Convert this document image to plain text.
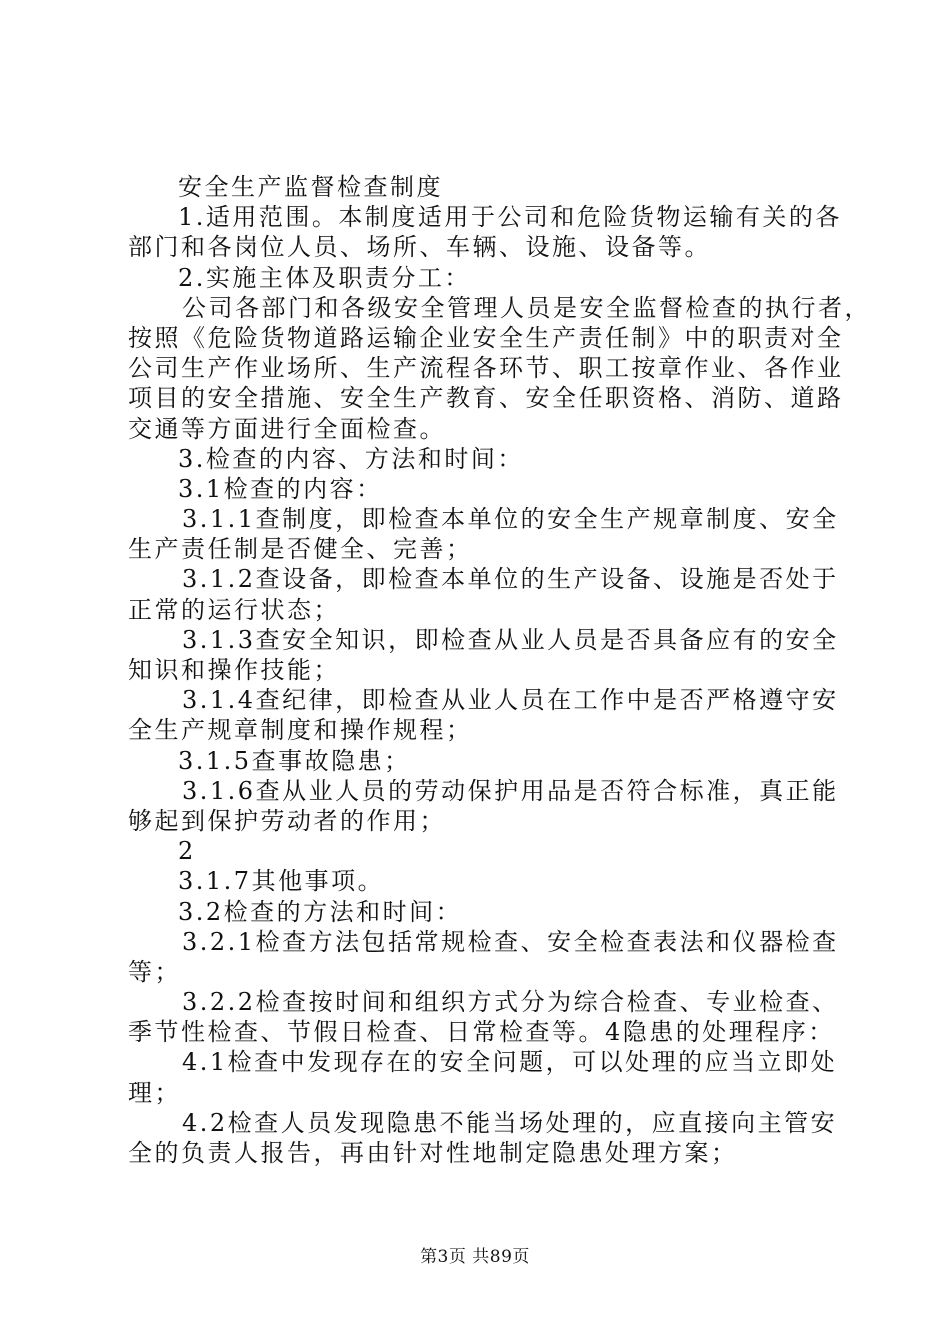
安全生产监督检查制度
1.适用范围。本制度适用于公司和危险货物运输有关的各
部门和各岗位人员、场所、车辆、设施、设备等。
2.实施主体及职责分工：
公司各部门和各级安全管理人员是安全监督检查的执行者，
按照《危险货物道路运输企业安全生产责任制》中的职责对全
公司生产作业场所、生产流程各环节、职工按章作业、各作业
项目的安全措施、安全生产教育、安全任职资格、消防、道路
交通等方面进行全面检查。
3.检查的内容、方法和时间：
3.1检查的内容：
3.1.1查制度，即检查本单位的安全生产规章制度、安全
生产责任制是否健全、完善；
3.1.2查设备，即检查本单位的生产设备、设施是否处于
正常的运行状态；
3.1.3查安全知识，即检查从业人员是否具备应有的安全
知识和操作技能；
3.1.4查纪律，即检查从业人员在工作中是否严格遵守安
全生产规章制度和操作规程；
3.1.5查事故隐患；
3.1.6查从业人员的劳动保护用品是否符合标准，真正能
够起到保护劳动者的作用；
2
3.1.7其他事项。
3.2检查的方法和时间：
3.2.1检查方法包括常规检查、安全检查表法和仪器检查
等；
3.2.2检查按时间和组织方式分为综合检查、专业检查、
季节性检查、节假日检查、日常检查等。4隐患的处理程序：
4.1检查中发现存在的安全问题，可以处理的应当立即处
理；
4.2检查人员发现隐患不能当场处理的，应直接向主管安
全的负责人报告，再由针对性地制定隐患处理方案；
第3页 共89页
